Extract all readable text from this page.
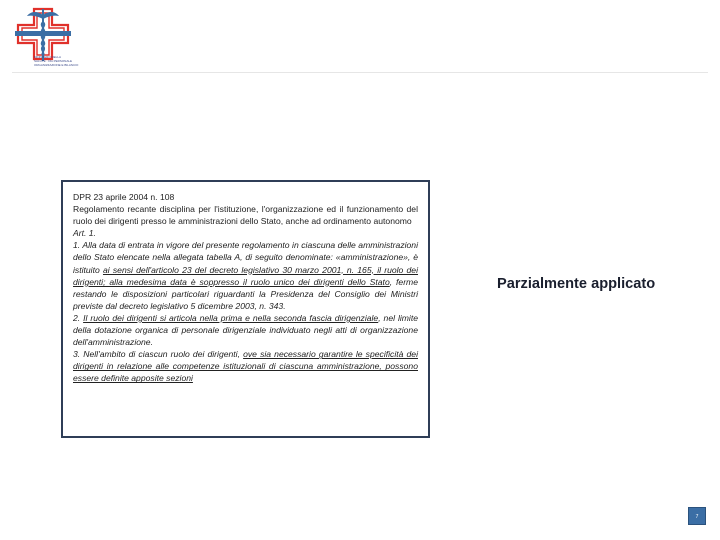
MINISTERO DELLA
SALUTE · DG PERSONALE
ORGANIZZAZIONE E BILANCIO

DPR 23 aprile 2004 n. 108

Regolamento recante disciplina per l'istituzione, l'organizzazione ed il funzionamento del ruolo dei dirigenti presso le amministrazioni dello Stato, anche ad ordinamento autonomo

Art. 1.

1. Alla data di entrata in vigore del presente regolamento in ciascuna delle amministrazioni dello Stato elencate nella allegata tabella A, di seguito denominate: «amministrazione», è istituito ai sensi dell'articolo 23 del decreto legislativo 30 marzo 2001, n. 165, il ruolo dei dirigenti; alla medesima data è soppresso il ruolo unico dei dirigenti dello Stato, ferme restando le disposizioni particolari riguardanti la Presidenza del Consiglio dei Ministri previste dal decreto legislativo 5 dicembre 2003, n. 343.

2. Il ruolo dei dirigenti si articola nella prima e nella seconda fascia dirigenziale, nel limite della dotazione organica di personale dirigenziale individuato negli atti di organizzazione dell'amministrazione.

3. Nell'ambito di ciascun ruolo dei dirigenti, ove sia necessario garantire le specificità dei dirigenti in relazione alle competenze istituzionali di ciascuna amministrazione, possono essere definite apposite sezioni

Parzialmente applicato
7
